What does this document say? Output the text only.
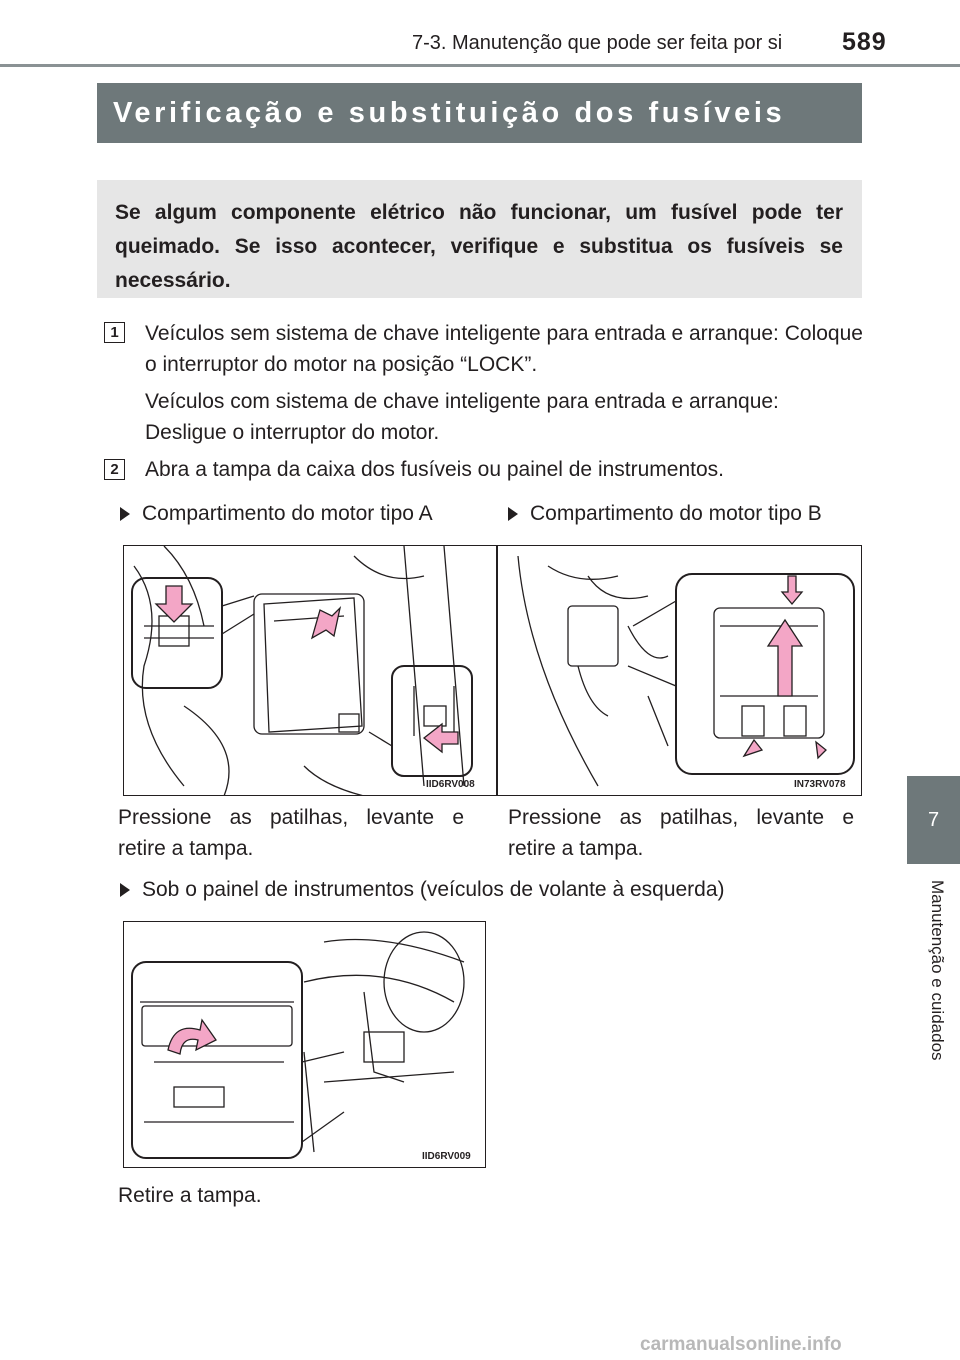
7-3. Manutenção que pode ser feita por si 589
Verificação e substituição dos fusíveis
Se algum componente elétrico não funcionar, um fusível pode ter queimado. Se isso acontecer, verifique e substitua os fusíveis se necessário.
1	Veículos sem sistema de chave inteligente para entrada e arranque: Coloque o interruptor do motor na posição “LOCK”.
Veículos com sistema de chave inteligente para entrada e arranque: Desligue o interruptor do motor.
2	Abra a tampa da caixa dos fusíveis ou painel de instrumentos.
Compartimento do motor tipo A	Compartimento do motor tipo B
IID6RV008	IN73RV078
Pressione as patilhas, levante e retire a tampa.
Pressione as patilhas, levante e retire a tampa.
Sob o painel de instrumentos (veículos de volante à esquerda)
IID6RV009
Retire a tampa.
7
Manutenção e cuidados
carmanualsonline.info
